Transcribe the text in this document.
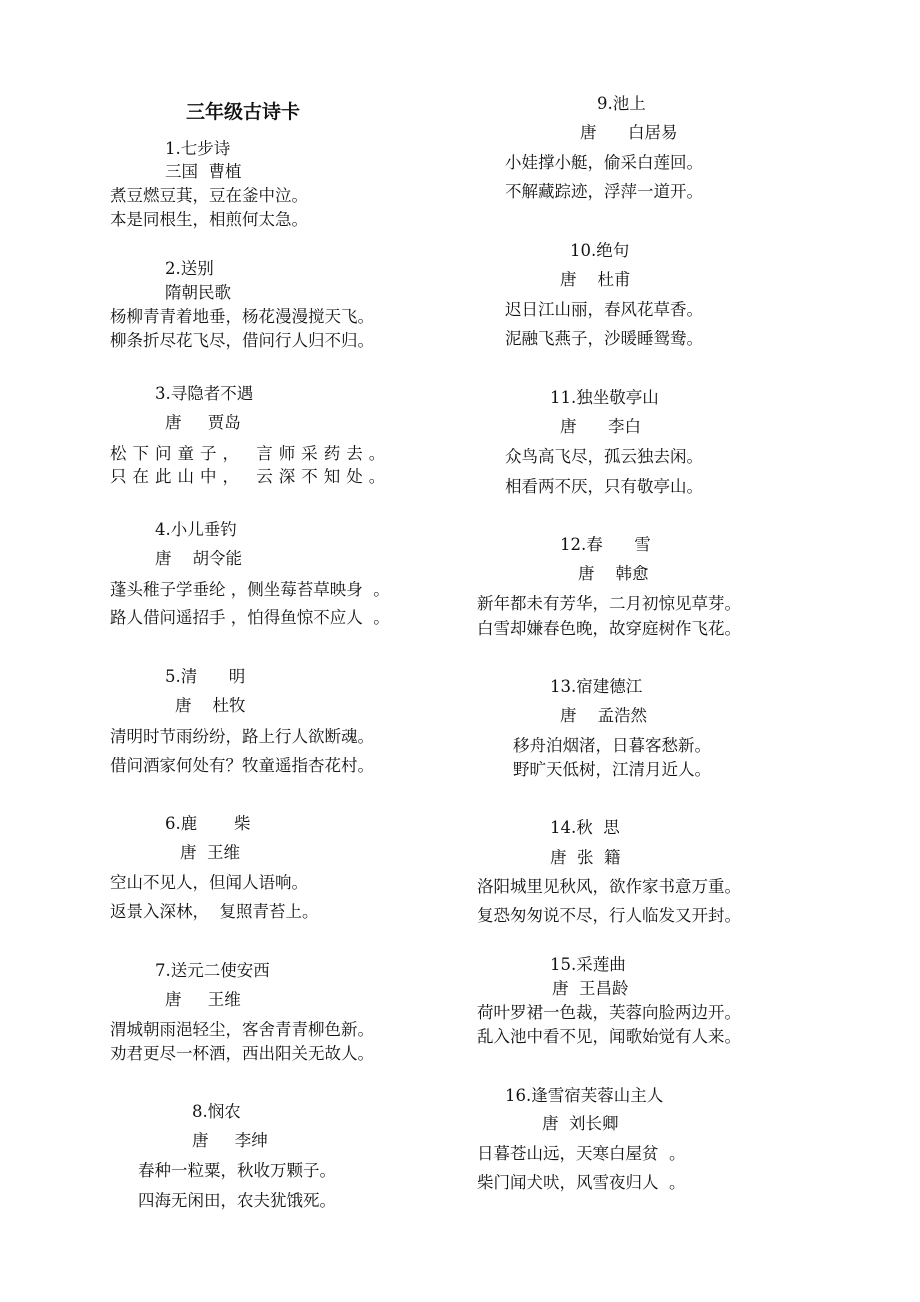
三年级古诗卡
1.七步诗
三国  曹植
煮豆燃豆萁，豆在釜中泣。
本是同根生，相煎何太急。
2.送别
隋朝民歌
杨柳青青着地垂，杨花漫漫搅天飞。
柳条折尽花飞尽，借问行人归不归。
3.寻隐者不遇
唐     贾岛
松下问童子， 言师采药去。
只在此山中， 云深不知处。
4.小儿垂钓
唐    胡令能
蓬头稚子学垂纶 ，侧坐莓苔草映身  。
路人借问遥招手 ，怕得鱼惊不应人  。
5.清      明
唐    杜牧
清明时节雨纷纷，路上行人欲断魂。
借问酒家何处有？牧童遥指杏花村。
6.鹿       柴
唐  王维
空山不见人，但闻人语响。
返景入深林，  复照青苔上。
7.送元二使安西
唐     王维
渭城朝雨浥轻尘，客舍青青柳色新。
劝君更尽一杯酒，西出阳关无故人。
8.悯农
唐     李绅
春种一粒粟，秋收万颗子。
四海无闲田，农夫犹饿死。
9.池上
唐      白居易
小娃撑小艇，偷采白莲回。
不解藏踪迹，浮萍一道开。
10.绝句
唐    杜甫
迟日江山丽，春风花草香。
泥融飞燕子，沙暖睡鸳鸯。
11.独坐敬亭山
唐      李白
众鸟高飞尽，孤云独去闲。
相看两不厌，只有敬亭山。
12.春      雪
唐    韩愈
新年都未有芳华，二月初惊见草芽。
白雪却嫌春色晚，故穿庭树作飞花。
13.宿建德江
唐    孟浩然
移舟泊烟渚，日暮客愁新。
野旷天低树，江清月近人。
14.秋  思
唐  张  籍
洛阳城里见秋风，欲作家书意万重。
复恐匆匆说不尽，行人临发又开封。
15.采莲曲
唐  王昌龄
荷叶罗裙一色裁，芙蓉向脸两边开。
乱入池中看不见，闻歌始觉有人来。
16.逢雪宿芙蓉山主人
唐  刘长卿
日暮苍山远，天寒白屋贫  。
柴门闻犬吠，风雪夜归人  。
